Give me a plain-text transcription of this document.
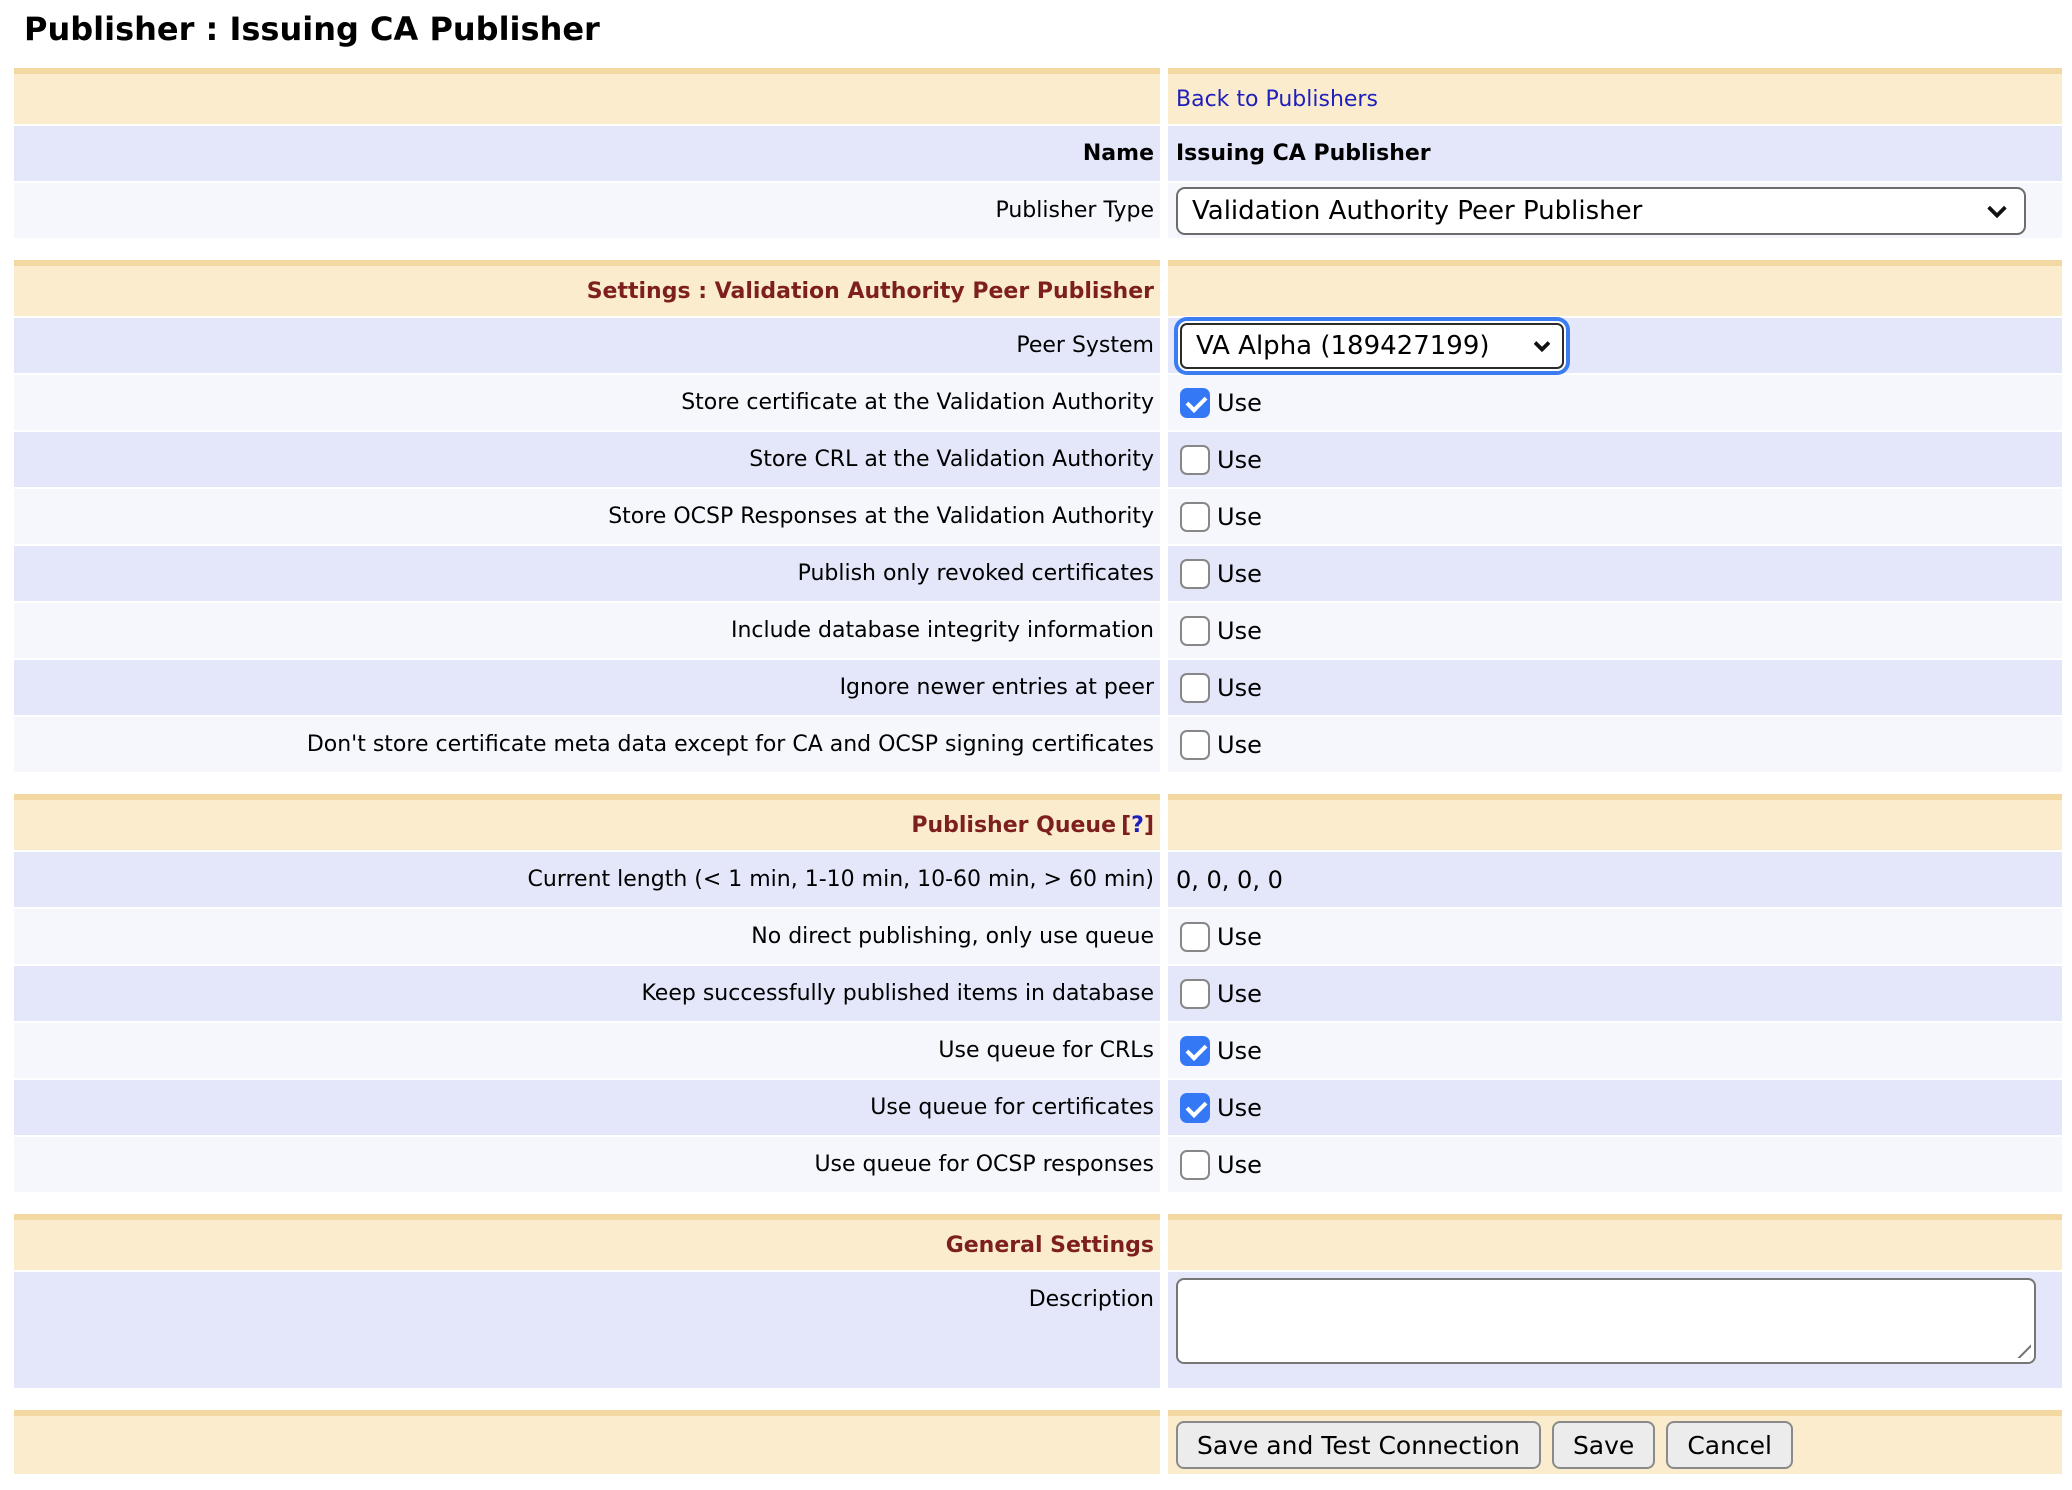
Publisher : Issuing CA Publisher
Back to Publishers
Name Issuing CA Publisher
Publisher Type Validation Authority Peer Publisher
Settings : Validation Authority Peer Publisher
Peer System VA Alpha (189427199)
Store certificate at the Validation Authority	Use
Store CRL at the Validation Authority	Use
Store OCSP Responses at the Validation Authority	Use
Publish only revoked certificates	Use
Include database integrity information	Use
Ignore newer entries at peer	Use
Don't store certificate meta data except for CA and OCSP signing certificates	Use
Publisher Queue
[ ? ]
Current length (< 1 min, 1-10 min, 10-60 min, > 60 min) 0, 0, 0, 0
No direct publishing, only use queue	Use
Keep successfully published items in database	Use
Use queue for CRLs	Use
Use queue for certificates	Use
Use queue for OCSP responses	Use
General Settings
Description
Save and Test Connection	Save	Cancel
